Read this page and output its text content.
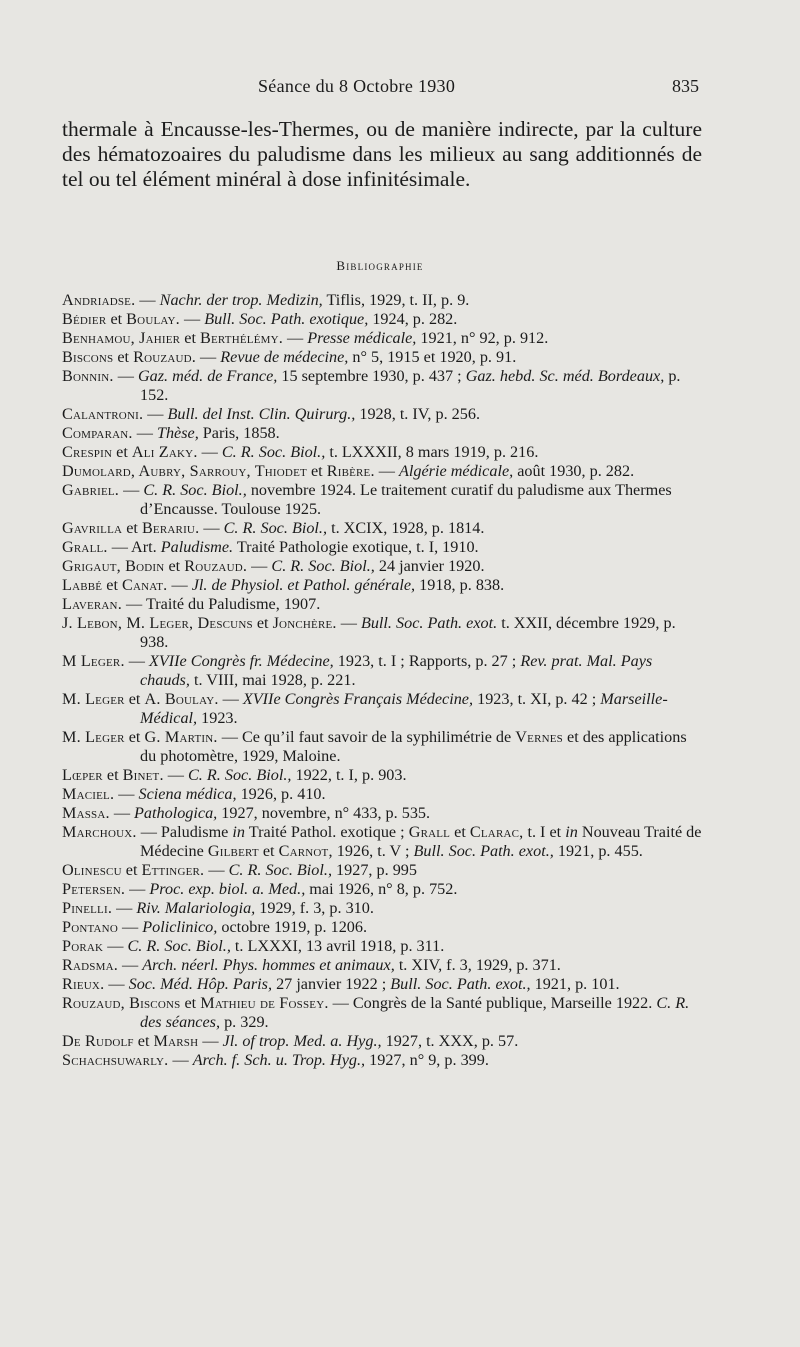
Séance du 8 Octobre 1930	835

thermale à Encausse-les-Thermes, ou de manière indirecte, par la culture des hématozoaires du paludisme dans les milieux au sang additionnés de tel ou tel élément minéral à dose infinitésimale.

Bibliographie
Andriadse. — Nachr. der trop. Medizin, Tiflis, 1929, t. II, p. 9.
Bédier et Boulay. — Bull. Soc. Path. exotique, 1924, p. 282.
Benhamou, Jahier et Berthélémy. — Presse médicale, 1921, n° 92, p. 912.
Biscons et Rouzaud. — Revue de médecine, n° 5, 1915 et 1920, p. 91.
Bonnin. — Gaz. méd. de France, 15 septembre 1930, p. 437 ; Gaz. hebd. Sc. méd. Bordeaux, p. 152.
Calantroni. — Bull. del Inst. Clin. Quirurg., 1928, t. IV, p. 256.
Comparan. — Thèse, Paris, 1858.
Crespin et Ali Zaky. — C. R. Soc. Biol., t. LXXXII, 8 mars 1919, p. 216.
Dumolard, Aubry, Sarrouy, Thiodet et Ribère. — Algérie médicale, août 1930, p. 282.
Gabriel. — C. R. Soc. Biol., novembre 1924. Le traitement curatif du paludisme aux Thermes d’Encausse. Toulouse 1925.
Gavrilla et Berariu. — C. R. Soc. Biol., t. XCIX, 1928, p. 1814.
Grall. — Art. Paludisme. Traité Pathologie exotique, t. I, 1910.
Grigaut, Bodin et Rouzaud. — C. R. Soc. Biol., 24 janvier 1920.
Labbé et Canat. — Jl. de Physiol. et Pathol. générale, 1918, p. 838.
Laveran. — Traité du Paludisme, 1907.
J. Lebon, M. Leger, Descuns et Jonchère. — Bull. Soc. Path. exot. t. XXII, décembre 1929, p. 938.
M Leger. — XVIIe Congrès fr. Médecine, 1923, t. I ; Rapports, p. 27 ; Rev. prat. Mal. Pays chauds, t. VIII, mai 1928, p. 221.
M. Leger et A. Boulay. — XVIIe Congrès Français Médecine, 1923, t. XI, p. 42 ; Marseille-Médical, 1923.
M. Leger et G. Martin. — Ce qu’il faut savoir de la syphilimétrie de Vernes et des applications du photomètre, 1929, Maloine.
Lœper et Binet. — C. R. Soc. Biol., 1922, t. I, p. 903.
Maciel. — Sciena médica, 1926, p. 410.
Massa. — Pathologica, 1927, novembre, n° 433, p. 535.
Marchoux. — Paludisme in Traité Pathol. exotique ; Grall et Clarac, t. I et in Nouveau Traité de Médecine Gilbert et Carnot, 1926, t. V ; Bull. Soc. Path. exot., 1921, p. 455.
Olinescu et Ettinger. — C. R. Soc. Biol., 1927, p. 995
Petersen. — Proc. exp. biol. a. Med., mai 1926, n° 8, p. 752.
Pinelli. — Riv. Malariologia, 1929, f. 3, p. 310.
Pontano — Policlinico, octobre 1919, p. 1206.
Porak — C. R. Soc. Biol., t. LXXXI, 13 avril 1918, p. 311.
Radsma. — Arch. néerl. Phys. hommes et animaux, t. XIV, f. 3, 1929, p. 371.
Rieux. — Soc. Méd. Hôp. Paris, 27 janvier 1922 ; Bull. Soc. Path. exot., 1921, p. 101.
Rouzaud, Biscons et Mathieu de Fossey. — Congrès de la Santé publique, Marseille 1922. C. R. des séances, p. 329.
De Rudolf et Marsh — Jl. of trop. Med. a. Hyg., 1927, t. XXX, p. 57.
Schachsuwarly. — Arch. f. Sch. u. Trop. Hyg., 1927, n° 9, p. 399.
